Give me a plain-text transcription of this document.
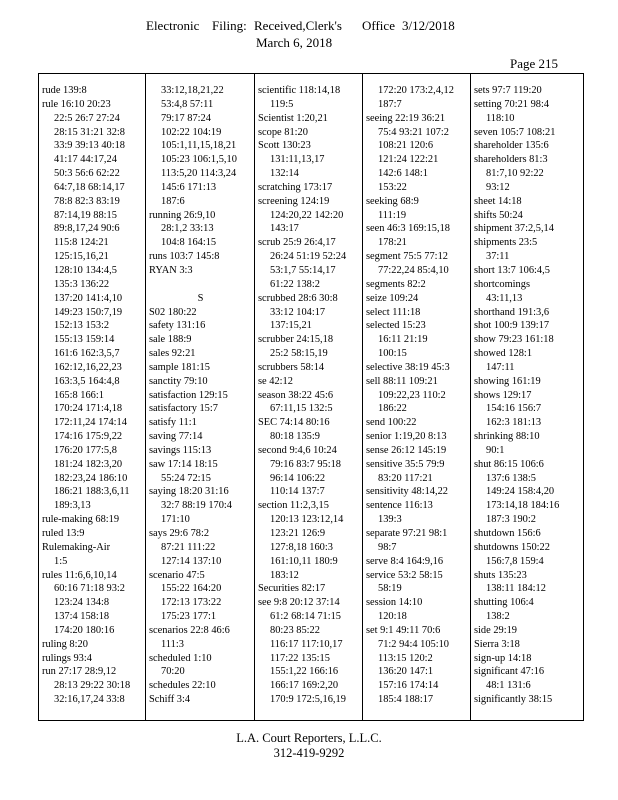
Electronic Filing: Received,Clerk's Office 3/12/2018
March 6, 2018
Page 215
rude 139:8
rule 16:10 20:23
22:5 26:7 27:24
28:15 31:21 32:8
33:9 39:13 40:18
41:17 44:17,24
50:3 56:6 62:22
64:7,18 68:14,17
78:8 82:3 83:19
87:14,19 88:15
89:8,17,24 90:6
115:8 124:21
125:15,16,21
128:10 134:4,5
135:3 136:22
137:20 141:4,10
149:23 150:7,19
152:13 153:2
155:13 159:14
161:6 162:3,5,7
162:12,16,22,23
163:3,5 164:4,8
165:8 166:1
170:24 171:4,18
172:11,24 174:14
174:16 175:9,22
176:20 177:5,8
181:24 182:3,20
182:23,24 186:10
186:21 188:3,6,11
189:3,13
rule-making 68:19
ruled 13:9
Rulemaking-Air
1:5
rules 11:6,6,10,14
60:16 71:18 93:2
123:24 134:8
137:4 158:18
174:20 180:16
ruling 8:20
rulings 93:4
run 27:17 28:9,12
28:13 29:22 30:18
32:16,17,24 33:8
33:12,18,21,22
53:4,8 57:11
79:17 87:24
102:22 104:19
105:1,11,15,18,21
105:23 106:1,5,10
113:5,20 114:3,24
145:6 171:13
187:6
running 26:9,10
28:1,2 33:13
104:8 164:15
runs 103:7 145:8
RYAN 3:3
S
S02 180:22
safety 131:16
sale 188:9
sales 92:21
sample 181:15
sanctity 79:10
satisfaction 129:15
satisfactory 15:7
satisfy 11:1
saving 77:14
savings 115:13
saw 17:14 18:15
55:24 72:15
saying 18:20 31:16
32:7 88:19 170:4
171:10
says 29:6 78:2
87:21 111:22
127:14 137:10
scenario 47:5
155:22 164:20
172:13 173:22
175:23 177:1
scenarios 22:8 46:6
111:3
scheduled 1:10
70:20
schedules 22:10
Schiff 3:4
scientific 118:14,18
119:5
Scientist 1:20,21
scope 81:20
Scott 130:23
131:11,13,17
132:14
scratching 173:17
screening 124:19
124:20,22 142:20
143:17
scrub 25:9 26:4,17
26:24 51:19 52:24
53:1,7 55:14,17
61:22 138:2
scrubbed 28:6 30:8
33:12 104:17
137:15,21
scrubber 24:15,18
25:2 58:15,19
scrubbers 58:14
se 42:12
season 38:22 45:6
67:11,15 132:5
SEC 74:14 80:16
80:18 135:9
second 9:4,6 10:24
79:16 83:7 95:18
96:14 106:22
110:14 137:7
section 11:2,3,15
120:13 123:12,14
123:21 126:9
127:8,18 160:3
161:10,11 180:9
183:12
Securities 82:17
see 9:8 20:12 37:14
61:2 68:14 71:15
80:23 85:22
116:17 117:10,17
117:22 135:15
155:1,22 166:16
166:17 169:2,20
170:9 172:5,16,19
172:20 173:2,4,12
187:7
seeing 22:19 36:21
75:4 93:21 107:2
108:21 120:6
121:24 122:21
142:6 148:1
153:22
seeking 68:9
111:19
seen 46:3 169:15,18
178:21
segment 75:5 77:12
77:22,24 85:4,10
segments 82:2
seize 109:24
select 111:18
selected 15:23
16:11 21:19
100:15
selective 38:19 45:3
sell 88:11 109:21
109:22,23 110:2
186:22
send 100:22
senior 1:19,20 8:13
sense 26:12 145:19
sensitive 35:5 79:9
83:20 117:21
sensitivity 48:14,22
sentence 116:13
139:3
separate 97:21 98:1
98:7
serve 8:4 164:9,16
service 53:2 58:15
58:19
session 14:10
120:18
set 9:1 49:11 70:6
71:2 94:4 105:10
113:15 120:2
136:20 147:1
157:16 174:14
185:4 188:17
sets 97:7 119:20
setting 70:21 98:4
118:10
seven 105:7 108:21
shareholder 135:6
shareholders 81:3
81:7,10 92:22
93:12
sheet 14:18
shifts 50:24
shipment 37:2,5,14
shipments 23:5
37:11
short 13:7 106:4,5
shortcomings
43:11,13
shorthand 191:3,6
shot 100:9 139:17
show 79:23 161:18
showed 128:1
147:11
showing 161:19
shows 129:17
154:16 156:7
162:3 181:13
shrinking 88:10
90:1
shut 86:15 106:6
137:6 138:5
149:24 158:4,20
173:14,18 184:16
187:3 190:2
shutdown 156:6
shutdowns 150:22
156:7,8 159:4
shuts 135:23
138:11 184:12
shutting 106:4
138:2
side 29:19
Sierra 3:18
sign-up 14:18
significant 47:16
48:1 131:6
significantly 38:15
L.A. Court Reporters, L.L.C.
312-419-9292
